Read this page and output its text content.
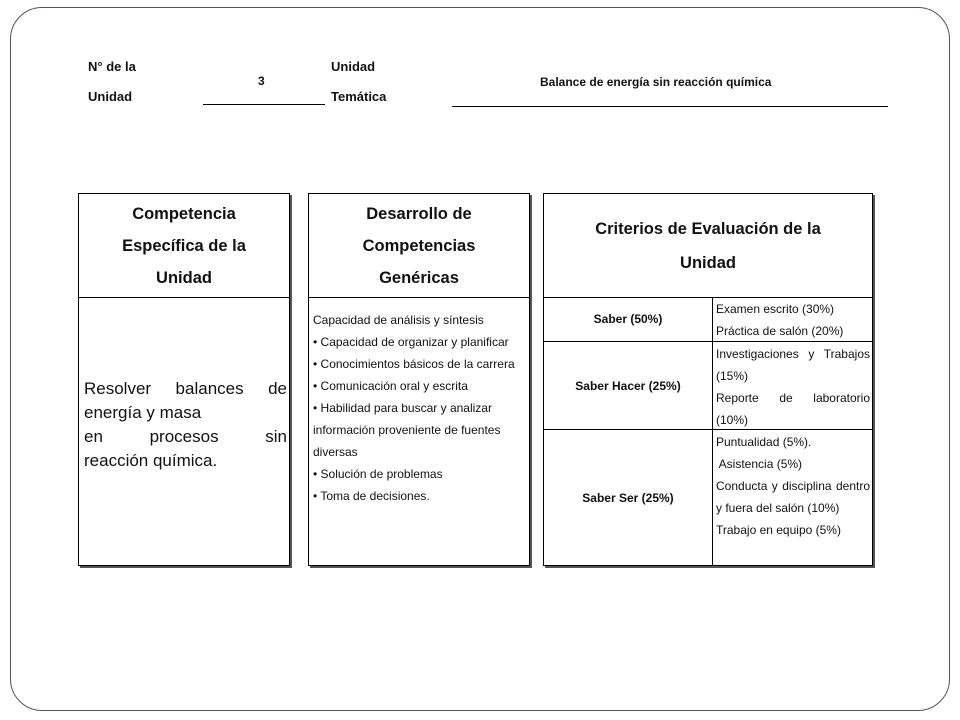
N° de la
Unidad
3
Unidad
Temática
Balance de energía sin reacción química
Competencia
Específica de la
Unidad
Resolver balances de
energía y masa
en procesos sin
reacción química.
Desarrollo de
Competencias
Genéricas
Capacidad de análisis y síntesis
• Capacidad de organizar y planificar
• Conocimientos básicos de la carrera
• Comunicación oral y escrita
• Habilidad para buscar y analizar información proveniente de fuentes diversas
• Solución de problemas
• Toma de decisiones.
Criterios de Evaluación de la
Unidad
Saber (50%)
Examen escrito (30%)
Práctica de salón (20%)
Saber Hacer (25%)
Investigaciones y Trabajos (15%)
Reporte de laboratorio (10%)
Saber Ser (25%)
Puntualidad (5%).
Asistencia (5%)
Conducta y disciplina dentro y fuera del salón (10%)
Trabajo en equipo (5%)
